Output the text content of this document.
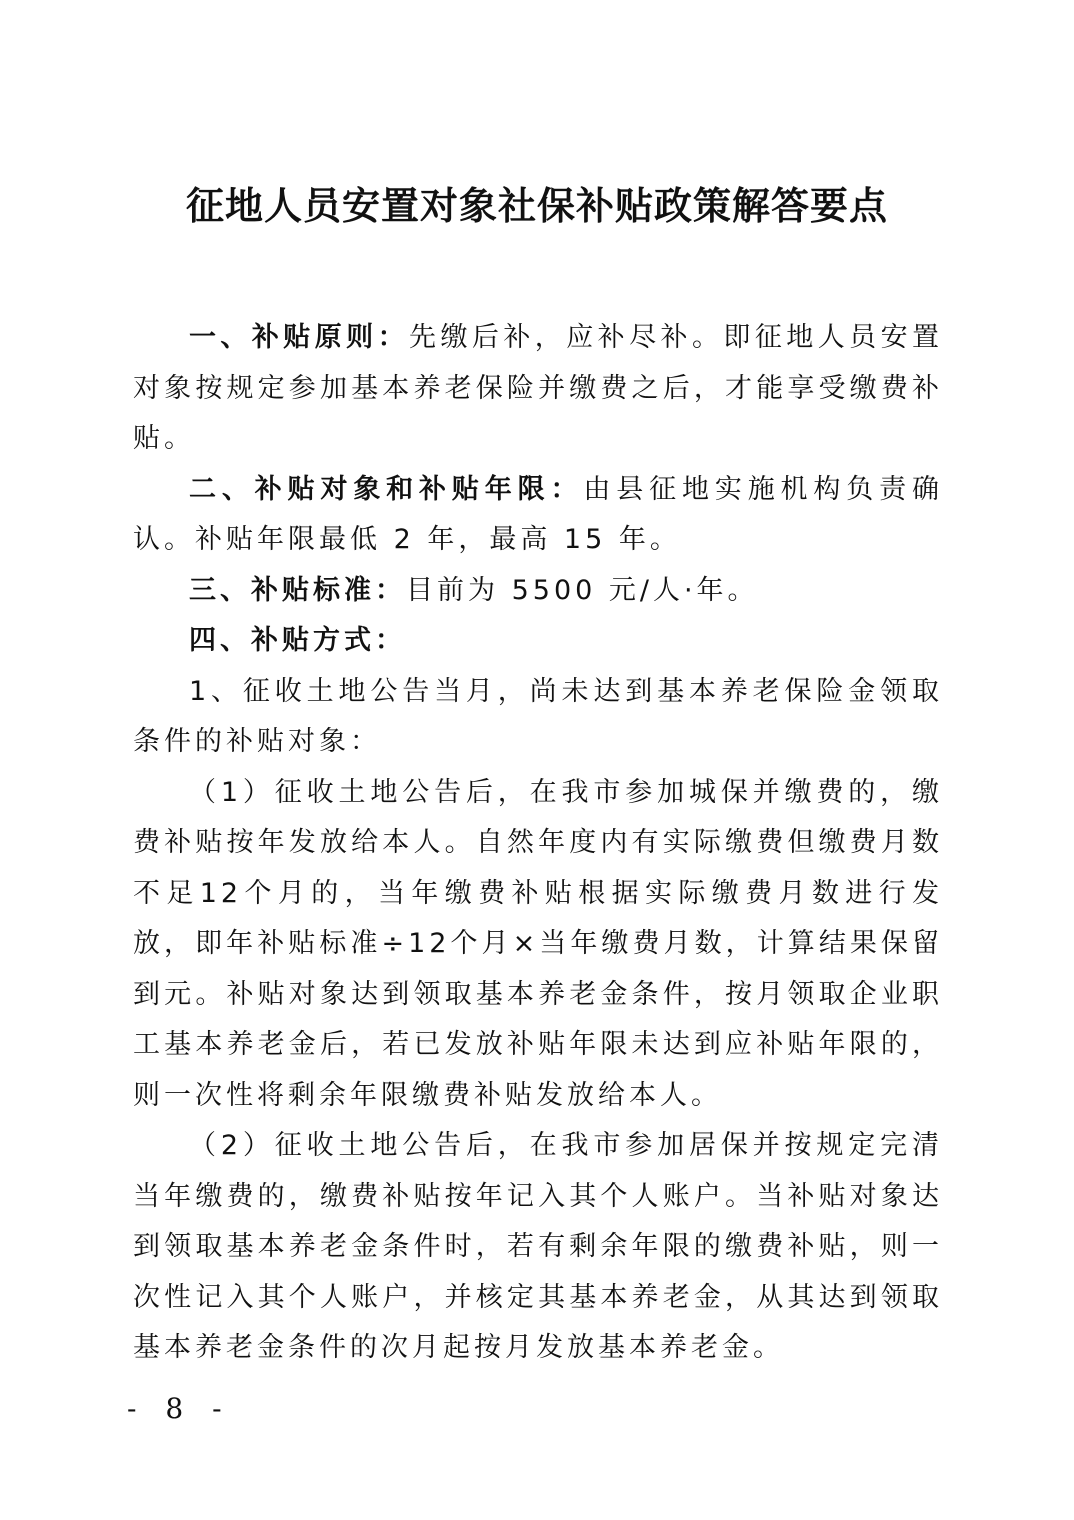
征地人员安置对象社保补贴政策解答要点

一、补贴原则：先缴后补，应补尽补。即征地人员安置对象按规定参加基本养老保险并缴费之后，才能享受缴费补贴。

二、补贴对象和补贴年限：由县征地实施机构负责确认。补贴年限最低 2 年，最高 15 年。

三、补贴标准：目前为 5500 元/人·年。

四、补贴方式：

1、征收土地公告当月，尚未达到基本养老保险金领取条件的补贴对象：

（1）征收土地公告后，在我市参加城保并缴费的，缴费补贴按年发放给本人。自然年度内有实际缴费但缴费月数不足12个月的，当年缴费补贴根据实际缴费月数进行发放，即年补贴标准÷12个月×当年缴费月数，计算结果保留到元。补贴对象达到领取基本养老金条件，按月领取企业职工基本养老金后，若已发放补贴年限未达到应补贴年限的，则一次性将剩余年限缴费补贴发放给本人。

（2）征收土地公告后，在我市参加居保并按规定完清当年缴费的，缴费补贴按年记入其个人账户。当补贴对象达到领取基本养老金条件时，若有剩余年限的缴费补贴，则一次性记入其个人账户，并核定其基本养老金，从其达到领取基本养老金条件的次月起按月发放基本养老金。

- 8 -
